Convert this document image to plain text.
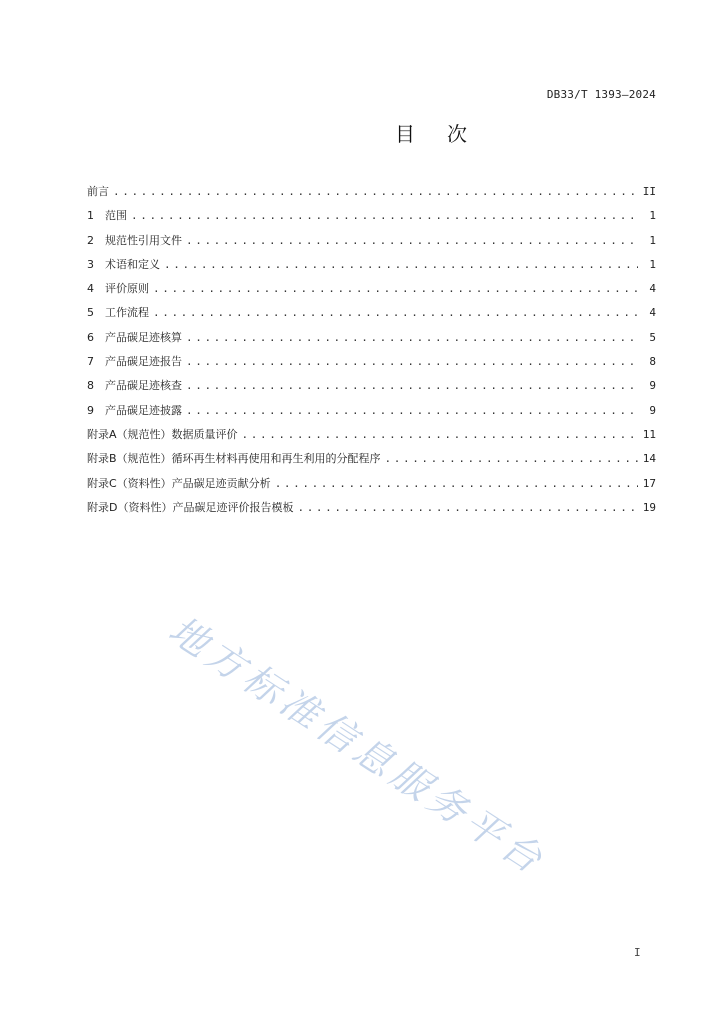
DB33/T 1393—2024
目 次
前言 .....	II
1	范围 .....	1
2	规范性引用文件 .....	1
3	术语和定义 .....	1
4	评价原则 .....	4
5	工作流程 .....	4
6	产品碳足迹核算 .....	5
7	产品碳足迹报告 .....	8
8	产品碳足迹核查 .....	9
9	产品碳足迹披露 .....	9
附录A（规范性） 数据质量评价 .....	11
附录B（规范性） 循环再生材料再使用和再生利用的分配程序 .....	14
附录C（资料性） 产品碳足迹贡献分析 .....	17
附录D（资料性） 产品碳足迹评价报告模板 .....	19
地方标准信息服务平台
I
